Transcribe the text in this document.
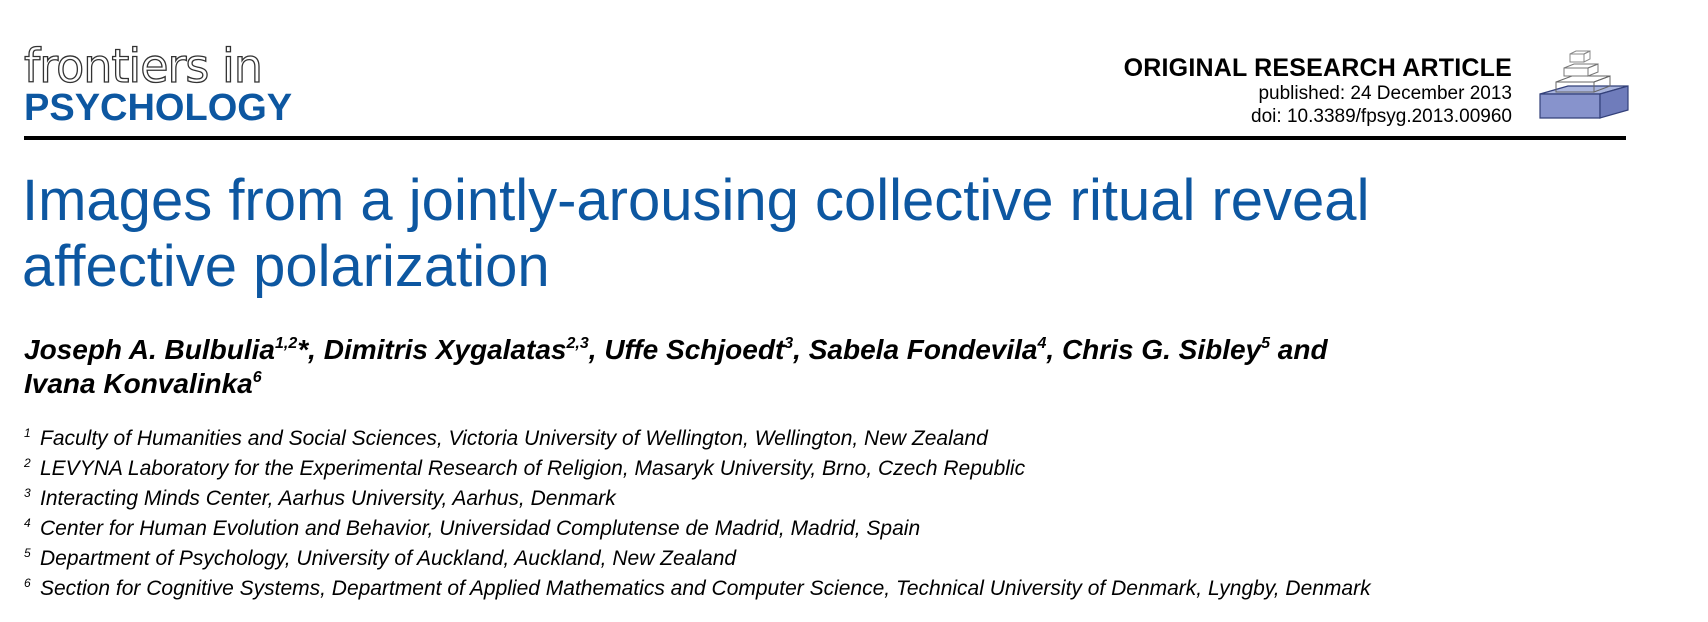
frontiers in
PSYCHOLOGY
ORIGINAL RESEARCH ARTICLE
published: 24 December 2013
doi: 10.3389/fpsyg.2013.00960
Images from a jointly-arousing collective ritual reveal affective polarization
Joseph A. Bulbulia$^{1,2}$*, Dimitris Xygalatas$^{2,3}$, Uffe Schjoedt$^3$, Sabela Fondevila$^4$, Chris G. Sibley$^5$ and
Ivana Konvalinka$^6$
1 Faculty of Humanities and Social Sciences, Victoria University of Wellington, Wellington, New Zealand
2 LEVYNA Laboratory for the Experimental Research of Religion, Masaryk University, Brno, Czech Republic
3 Interacting Minds Center, Aarhus University, Aarhus, Denmark
4 Center for Human Evolution and Behavior, Universidad Complutense de Madrid, Madrid, Spain
5 Department of Psychology, University of Auckland, Auckland, New Zealand
6 Section for Cognitive Systems, Department of Applied Mathematics and Computer Science, Technical University of Denmark, Lyngby, Denmark
